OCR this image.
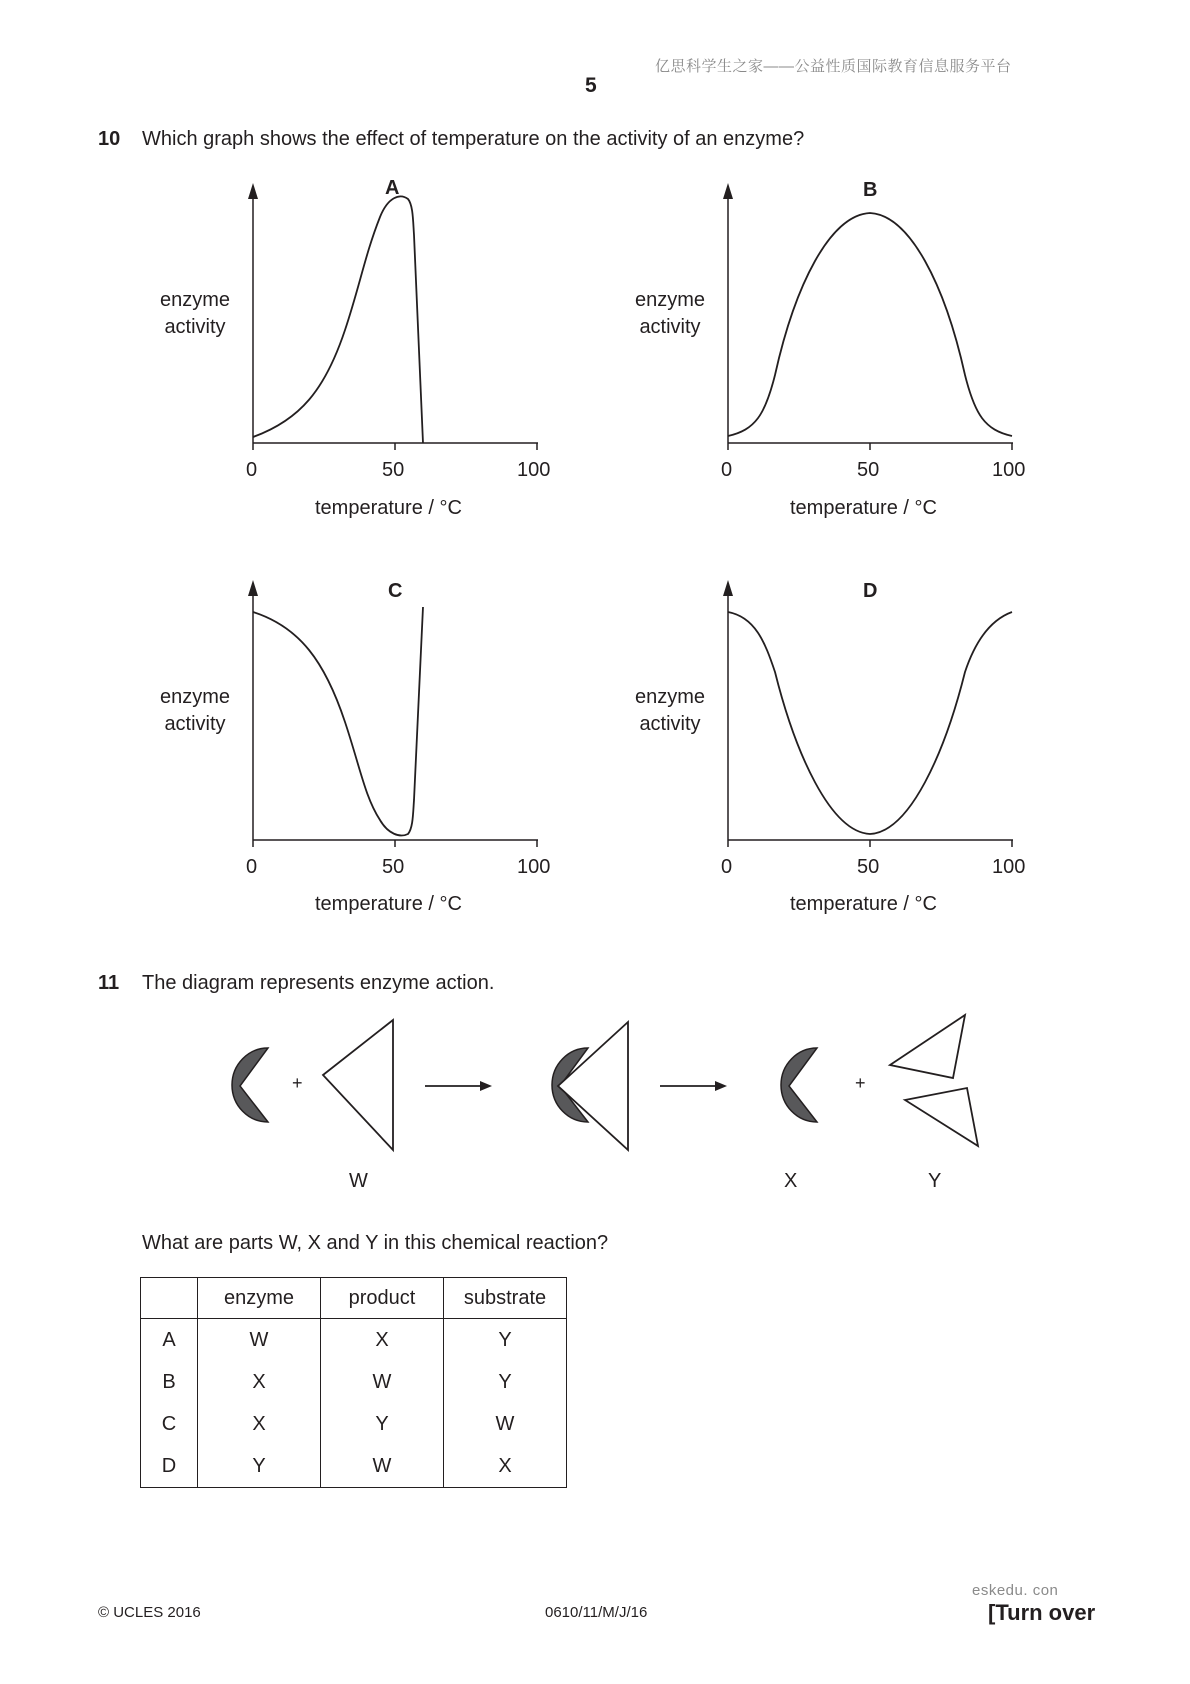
亿思科学生之家——公益性质国际教育信息服务平台
5
10 Which graph shows the effect of temperature on the activity of an enzyme?
A
enzyme
activity
0	50	100
temperature / °C
B
enzyme
activity
0	50	100
temperature / °C
C
enzyme
activity
0	50	100
temperature / °C
D
enzyme
activity
0	50	100
temperature / °C
11 The diagram represents enzyme action.
+	+
W	X	Y
What are parts W, X and Y in this chemical reaction?
	enzyme	product	substrate
A	W	X	Y
B	X	W	Y
C	X	Y	W
D	Y	W	X
© UCLES 2016	0610/11/M/J/16
eskedu. con
[Turn over
